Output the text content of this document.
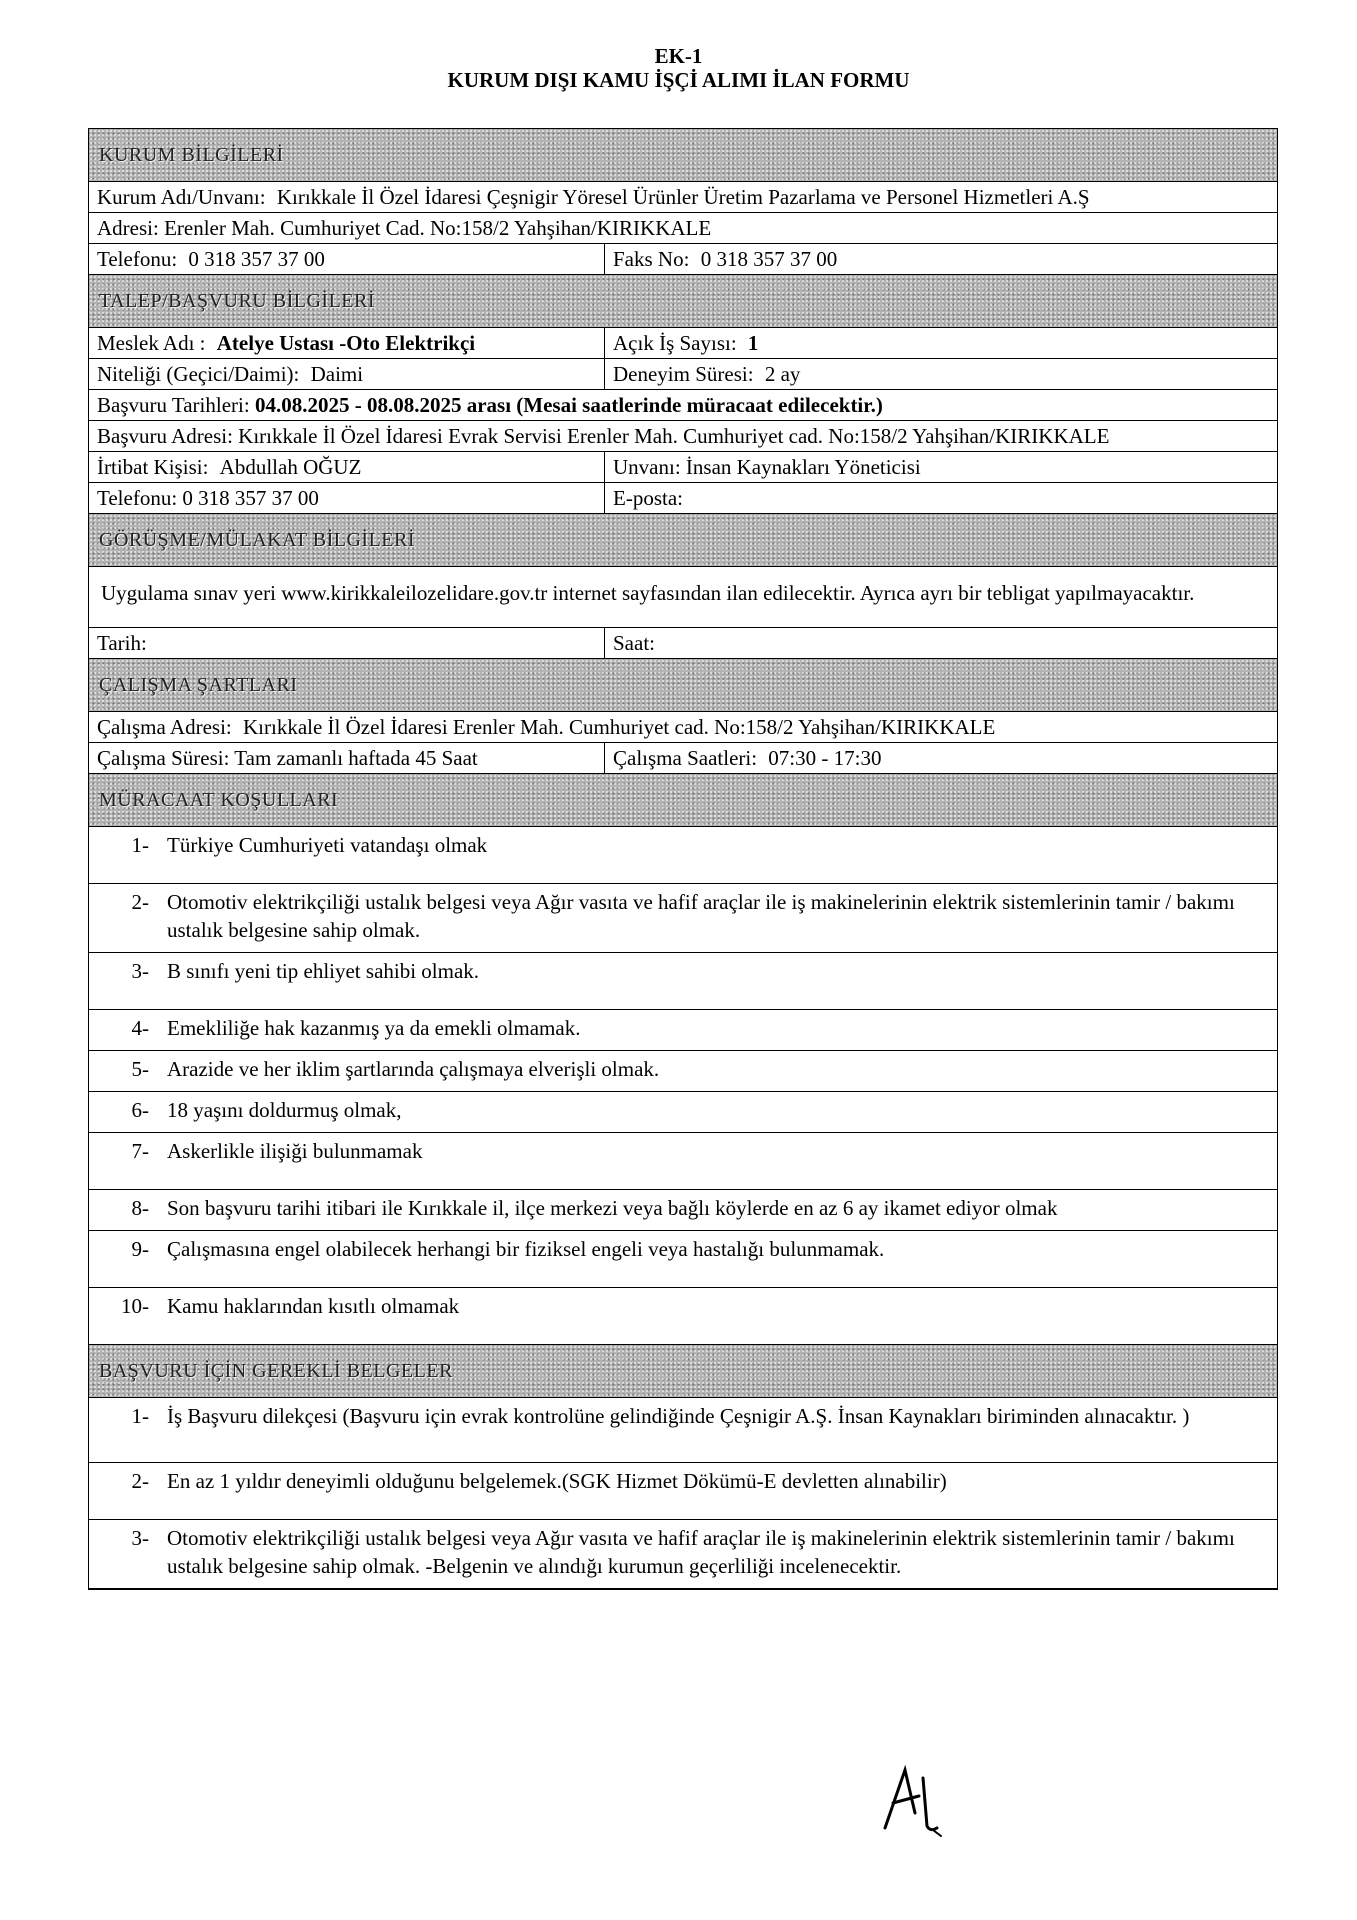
EK-1
KURUM DIŞI KAMU İŞÇİ ALIMI İLAN FORMU
KURUM BİLGİLERİ
Kurum Adı/Unvanı: Kırıkkale İl Özel İdaresi Çeşnigir Yöresel Ürünler Üretim Pazarlama ve Personel Hizmetleri A.Ş
Adresi: Erenler Mah. Cumhuriyet Cad. No:158/2 Yahşihan/KIRIKKALE
Telefonu: 0 318 357 37 00	Faks No: 0 318 357 37 00
TALEP/BAŞVURU BİLGİLERİ
Meslek Adı : Atelye Ustası -Oto Elektrikçi	Açık İş Sayısı: 1
Niteliği (Geçici/Daimi): Daimi	Deneyim Süresi: 2 ay
Başvuru Tarihleri: 04.08.2025 - 08.08.2025 arası (Mesai saatlerinde müracaat edilecektir.)
Başvuru Adresi: Kırıkkale İl Özel İdaresi Evrak Servisi Erenler Mah. Cumhuriyet cad. No:158/2 Yahşihan/KIRIKKALE
İrtibat Kişisi: Abdullah OĞUZ	Unvanı: İnsan Kaynakları Yöneticisi
Telefonu: 0 318 357 37 00	E-posta:
GÖRÜŞME/MÜLAKAT BİLGİLERİ
Uygulama sınav yeri www.kirikkaleilozelidare.gov.tr internet sayfasından ilan edilecektir. Ayrıca ayrı bir tebligat yapılmayacaktır.
Tarih:	Saat:
ÇALIŞMA ŞARTLARI
Çalışma Adresi: Kırıkkale İl Özel İdaresi Erenler Mah. Cumhuriyet cad. No:158/2 Yahşihan/KIRIKKALE
Çalışma Süresi: Tam zamanlı haftada 45 Saat	Çalışma Saatleri: 07:30 - 17:30
MÜRACAAT KOŞULLARI
1- Türkiye Cumhuriyeti vatandaşı olmak
2- Otomotiv elektrikçiliği ustalık belgesi veya Ağır vasıta ve hafif araçlar ile iş makinelerinin elektrik sistemlerinin tamir / bakımı ustalık belgesine sahip olmak.
3- B sınıfı yeni tip ehliyet sahibi olmak.
4- Emekliliğe hak kazanmış ya da emekli olmamak.
5- Arazide ve her iklim şartlarında çalışmaya elverişli olmak.
6- 18 yaşını doldurmuş olmak,
7- Askerlikle ilişiği bulunmamak
8- Son başvuru tarihi itibari ile Kırıkkale il, ilçe merkezi veya bağlı köylerde en az 6 ay ikamet ediyor olmak
9- Çalışmasına engel olabilecek herhangi bir fiziksel engeli veya hastalığı bulunmamak.
10- Kamu haklarından kısıtlı olmamak
BAŞVURU İÇİN GEREKLİ BELGELER
1- İş Başvuru dilekçesi (Başvuru için evrak kontrolüne gelindiğinde Çeşnigir A.Ş. İnsan Kaynakları biriminden alınacaktır. )
2- En az 1 yıldır deneyimli olduğunu belgelemek.(SGK Hizmet Dökümü-E devletten alınabilir)
3- Otomotiv elektrikçiliği ustalık belgesi veya Ağır vasıta ve hafif araçlar ile iş makinelerinin elektrik sistemlerinin tamir / bakımı ustalık belgesine sahip olmak. -Belgenin ve alındığı kurumun geçerliliği incelenecektir.
